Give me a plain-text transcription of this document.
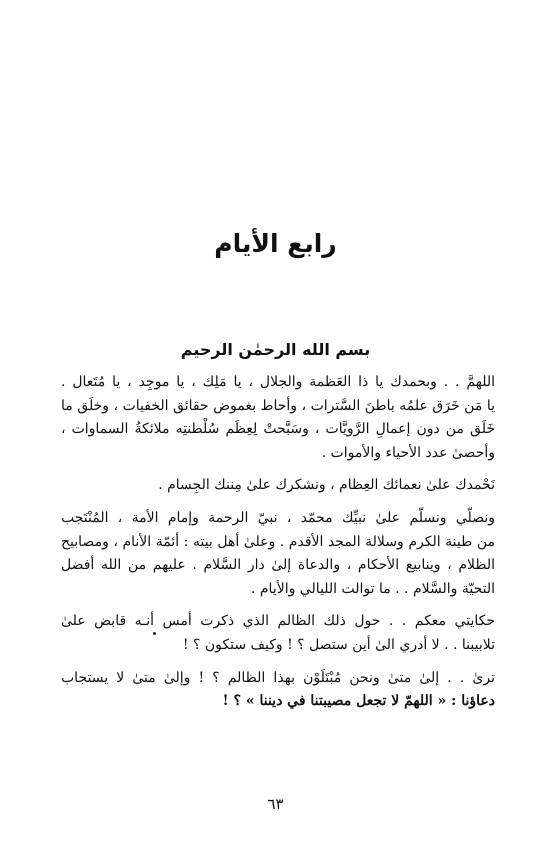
رابع الأيام
بسم الله الرحمٰن الرحيم

اللهمَّ . . وبحمدك يا ذا العَظمة والجلال ، يا مَلِك ، يا موجِد ، يا مُتَعال .
يا مَن خَرَق علمُه باطنَ السَّترات ، وأحاط بغموض حقائق الخفيات ، وخلَق ما
خَلَق من دون إعمالِ الرَّويَّات ، وسَبَّحتْ لِعِظَم سُلْطنتِه ملائكةُ السماوات ،
وأحصىٰ عدد الأحياء والأموات .

نَحْمدك علىٰ نعمائك العِظام ، ونشكرك علىٰ مِننك الجِسام .

ونصلّي ونسلّم علىٰ نبيِّك محمّد ، نبيّ الرحمة وإمام الأمة ، المُنْتَجب
من طينة الكرم وسلالة المجد الأقدم . وعلىٰ أهل بيته : أئمّة الأنام ، ومصابيح
الظلام ، وينابيع الأحكام ، والدعاة إلىٰ دار السَّلام . عليهم من الله أفضل
التحيّة والسَّلام . . ما توالت الليالي والأيام .

حكايتي معكم . . حول ذلك الظالم الذي ذكرت أمس أنـه قابض علىٰ
تلابيبنا . . لا أدري الىٰ أين ستصل ؟ ! وكيف ستكون ؟ !

ترىٰ . . إلىٰ متىٰ ونحن مُبْتَلَوْن بهذا الظالم ؟ ! وإلىٰ متىٰ لا يستجاب
دعاؤنا : « اللهمّ لا تجعل مصيبتنا في ديننا » ؟ !

٦٣
